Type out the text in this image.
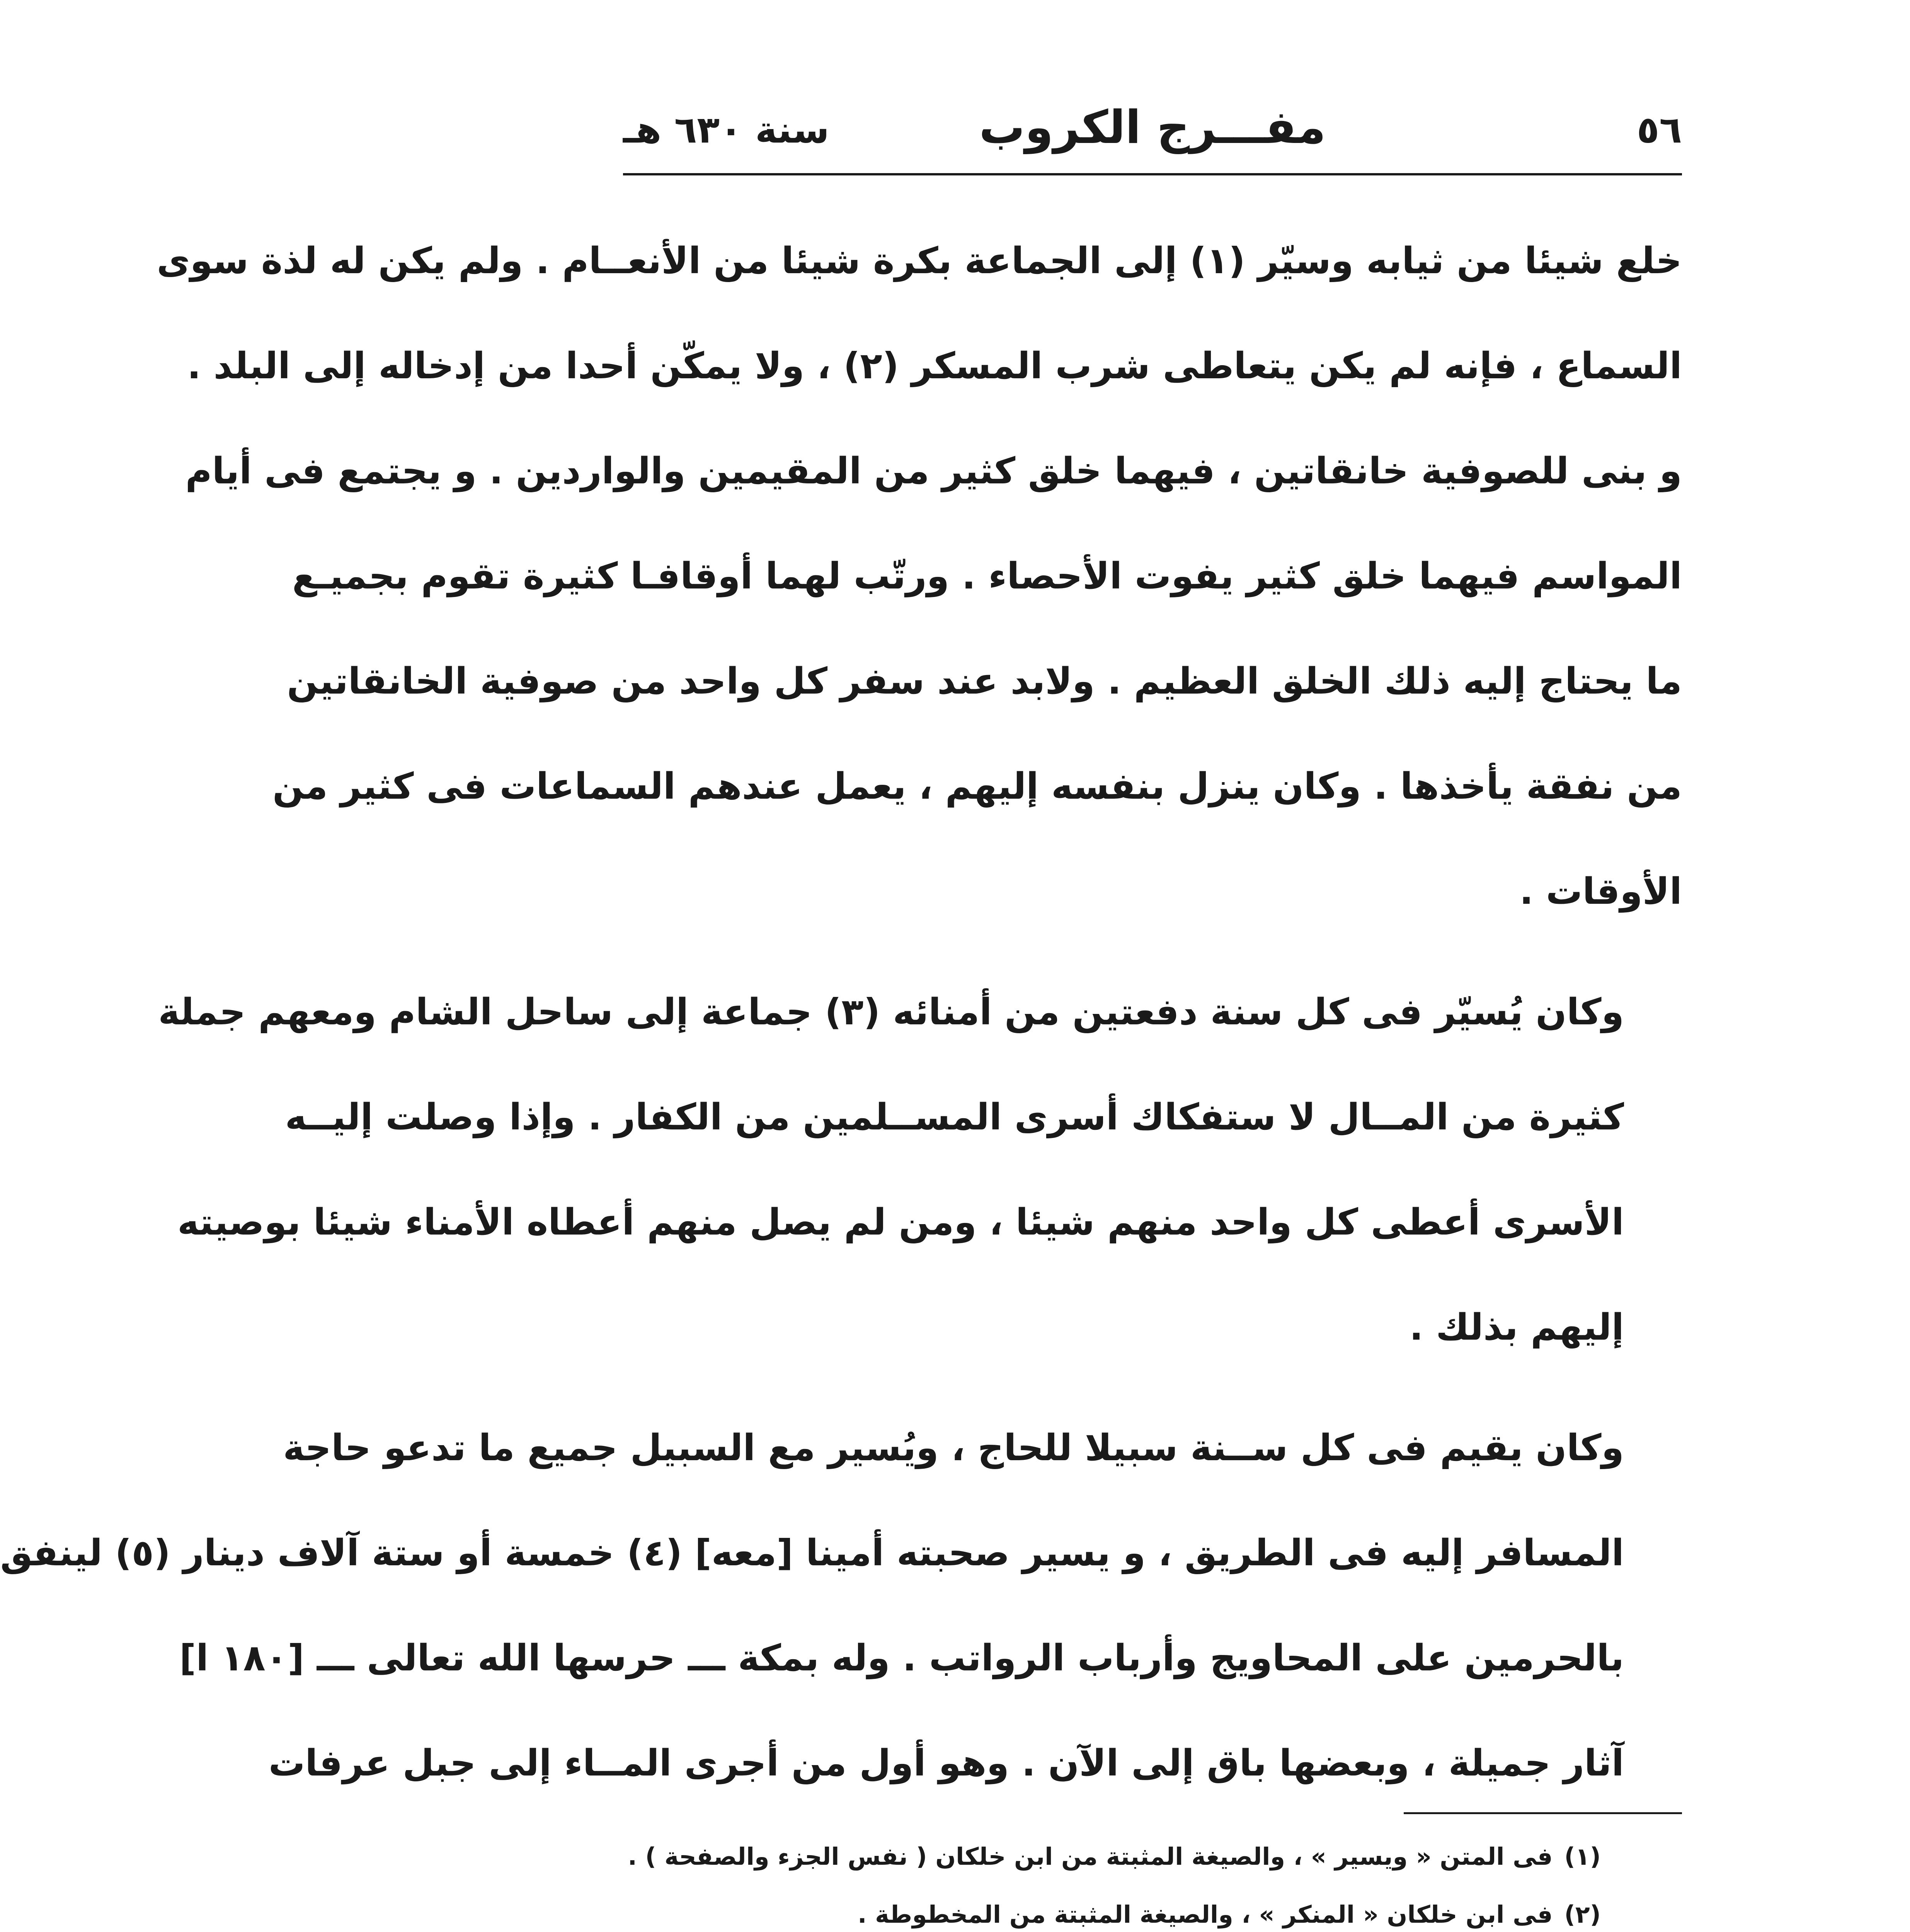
٥٦
مفـــرج الكروب
سنة ٦٣٠ هـ
خلع شيئا من ثيابه وسيّر (١) إلى الجماعة بكرة شيئا من الأنعــام . ولم يكن له لذة سوى
السماع ، فإنه لم يكن يتعاطى شرب المسكر (٢) ، ولا يمكّن أحدا من إدخاله إلى البلد .
و بنى للصوفية خانقاتين ، فيهما خلق كثير من المقيمين والواردين . و يجتمع فى أيام
المواسم فيهما خلق كثير يفوت الأحصاء . ورتّب لهما أوقافـا كثيرة تقوم بجميـع
ما يحتاج إليه ذلك الخلق العظيم . ولابد عند سفر كل واحد من صوفية الخانقاتين
من نفقة يأخذها . وكان ينزل بنفسه إليهم ، يعمل عندهم السماعات فى كثير من
الأوقات .
وكان يُسيّر فى كل سنة دفعتين من أمنائه (٣) جماعة إلى ساحل الشام ومعهم جملة
كثيرة من المــال لا ستفكاك أسرى المســلمين من الكفار . وإذا وصلت إليــه
الأسرى أعطى كل واحد منهم شيئا ، ومن لم يصل منهم أعطاه الأمناء شيئا بوصيته
إليهم بذلك .
وكان يقيم فى كل ســنة سبيلا للحاج ، ويُسير مع السبيل جميع ما تدعو حاجة
المسافر إليه فى الطريق ، و يسير صحبته أمينا [معه] (٤) خمسة أو ستة آلاف دينار (٥) لينفق
بالحرمين على المحاويج وأرباب الرواتب . وله بمكة ـــ حرسها الله تعالى ـــ [١٨٠ ا]
آثار جميلة ، وبعضها باق إلى الآن . وهو أول من أجرى المــاء إلى جبل عرفات
(١)فى المتن « ويسير » ، والصيغة المثبتة من ابن خلكان ( نفس الجزء والصفحة ) .
(٢)فى ابن خلكان « المنكر » ، والصيغة المثبتة من المخطوطة .
